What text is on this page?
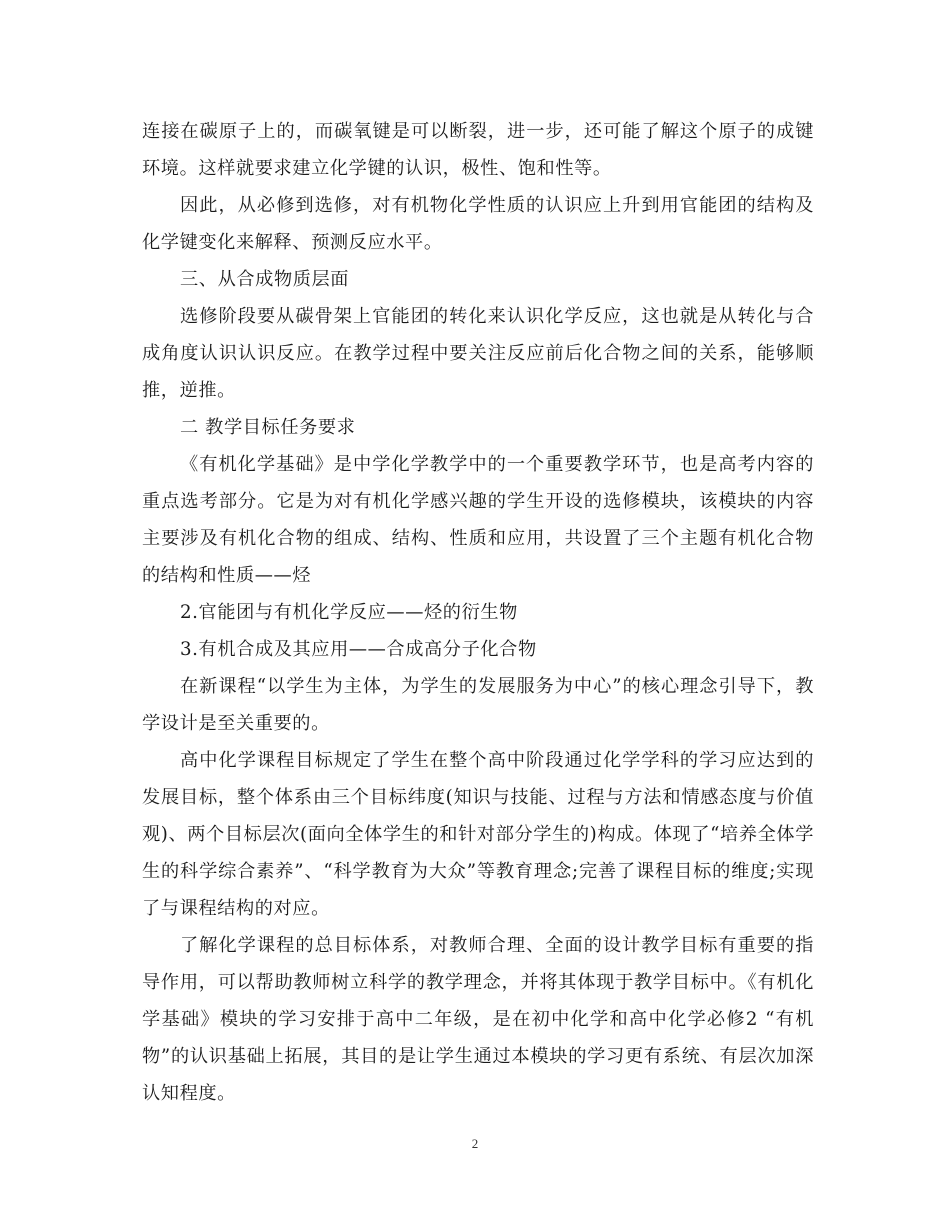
连接在碳原子上的，而碳氧键是可以断裂，进一步，还可能了解这个原子的成键环境。这样就要求建立化学键的认识，极性、饱和性等。

因此，从必修到选修，对有机物化学性质的认识应上升到用官能团的结构及化学键变化来解释、预测反应水平。

三、从合成物质层面

选修阶段要从碳骨架上官能团的转化来认识化学反应，这也就是从转化与合成角度认识认识反应。在教学过程中要关注反应前后化合物之间的关系，能够顺推，逆推。

二 教学目标任务要求

《有机化学基础》是中学化学教学中的一个重要教学环节，也是高考内容的重点选考部分。它是为对有机化学感兴趣的学生开设的选修模块，该模块的内容主要涉及有机化合物的组成、结构、性质和应用，共设置了三个主题有机化合物的结构和性质——烃

2.官能团与有机化学反应——烃的衍生物

3.有机合成及其应用——合成高分子化合物

在新课程“以学生为主体，为学生的发展服务为中心”的核心理念引导下，教学设计是至关重要的。

高中化学课程目标规定了学生在整个高中阶段通过化学学科的学习应达到的发展目标，整个体系由三个目标纬度(知识与技能、过程与方法和情感态度与价值观)、两个目标层次(面向全体学生的和针对部分学生的)构成。体现了“培养全体学生的科学综合素养”、“科学教育为大众”等教育理念;完善了课程目标的维度;实现了与课程结构的对应。

了解化学课程的总目标体系，对教师合理、全面的设计教学目标有重要的指导作用，可以帮助教师树立科学的教学理念，并将其体现于教学目标中。《有机化学基础》模块的学习安排于高中二年级，是在初中化学和高中化学必修2 “有机物”的认识基础上拓展，其目的是让学生通过本模块的学习更有系统、有层次加深认知程度。

2
